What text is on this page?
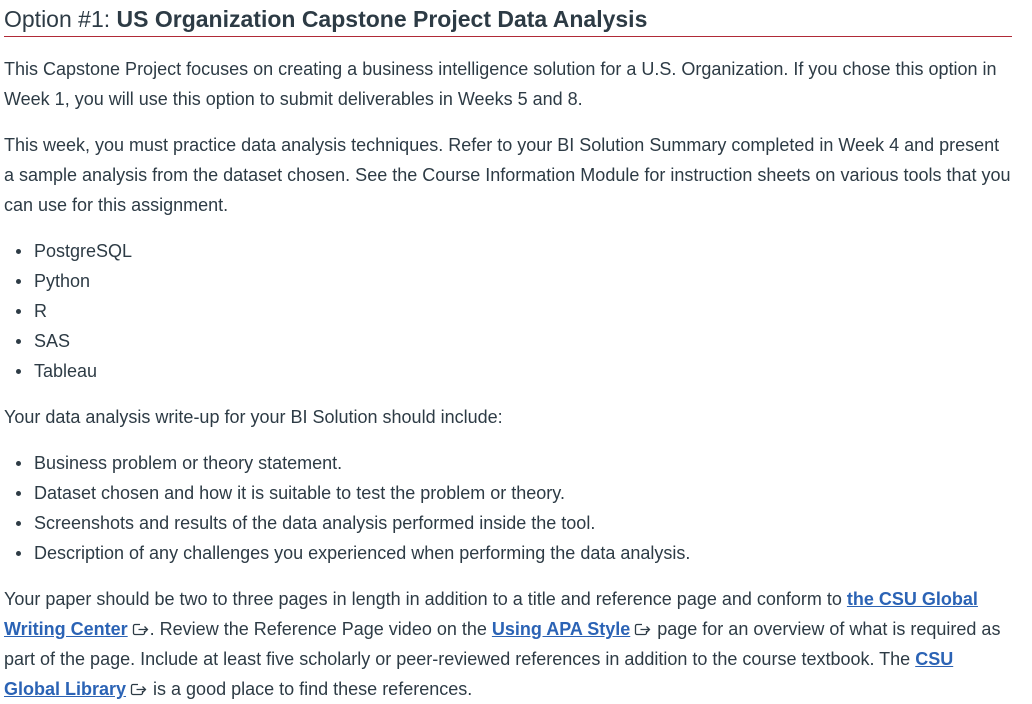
Option #1: US Organization Capstone Project Data Analysis

This Capstone Project focuses on creating a business intelligence solution for a U.S. Organization. If you chose this option in Week 1, you will use this option to submit deliverables in Weeks 5 and 8.

This week, you must practice data analysis techniques. Refer to your BI Solution Summary completed in Week 4 and present a sample analysis from the dataset chosen. See the Course Information Module for instruction sheets on various tools that you can use for this assignment.

PostgreSQL
Python
R
SAS
Tableau

Your data analysis write-up for your BI Solution should include:

Business problem or theory statement.
Dataset chosen and how it is suitable to test the problem or theory.
Screenshots and results of the data analysis performed inside the tool.
Description of any challenges you experienced when performing the data analysis.

Your paper should be two to three pages in length in addition to a title and reference page and conform to the CSU Global Writing Center . Review the Reference Page video on the Using APA Style page for an overview of what is required as part of the page. Include at least five scholarly or peer-reviewed references in addition to the course textbook. The CSU Global Library is a good place to find these references.
